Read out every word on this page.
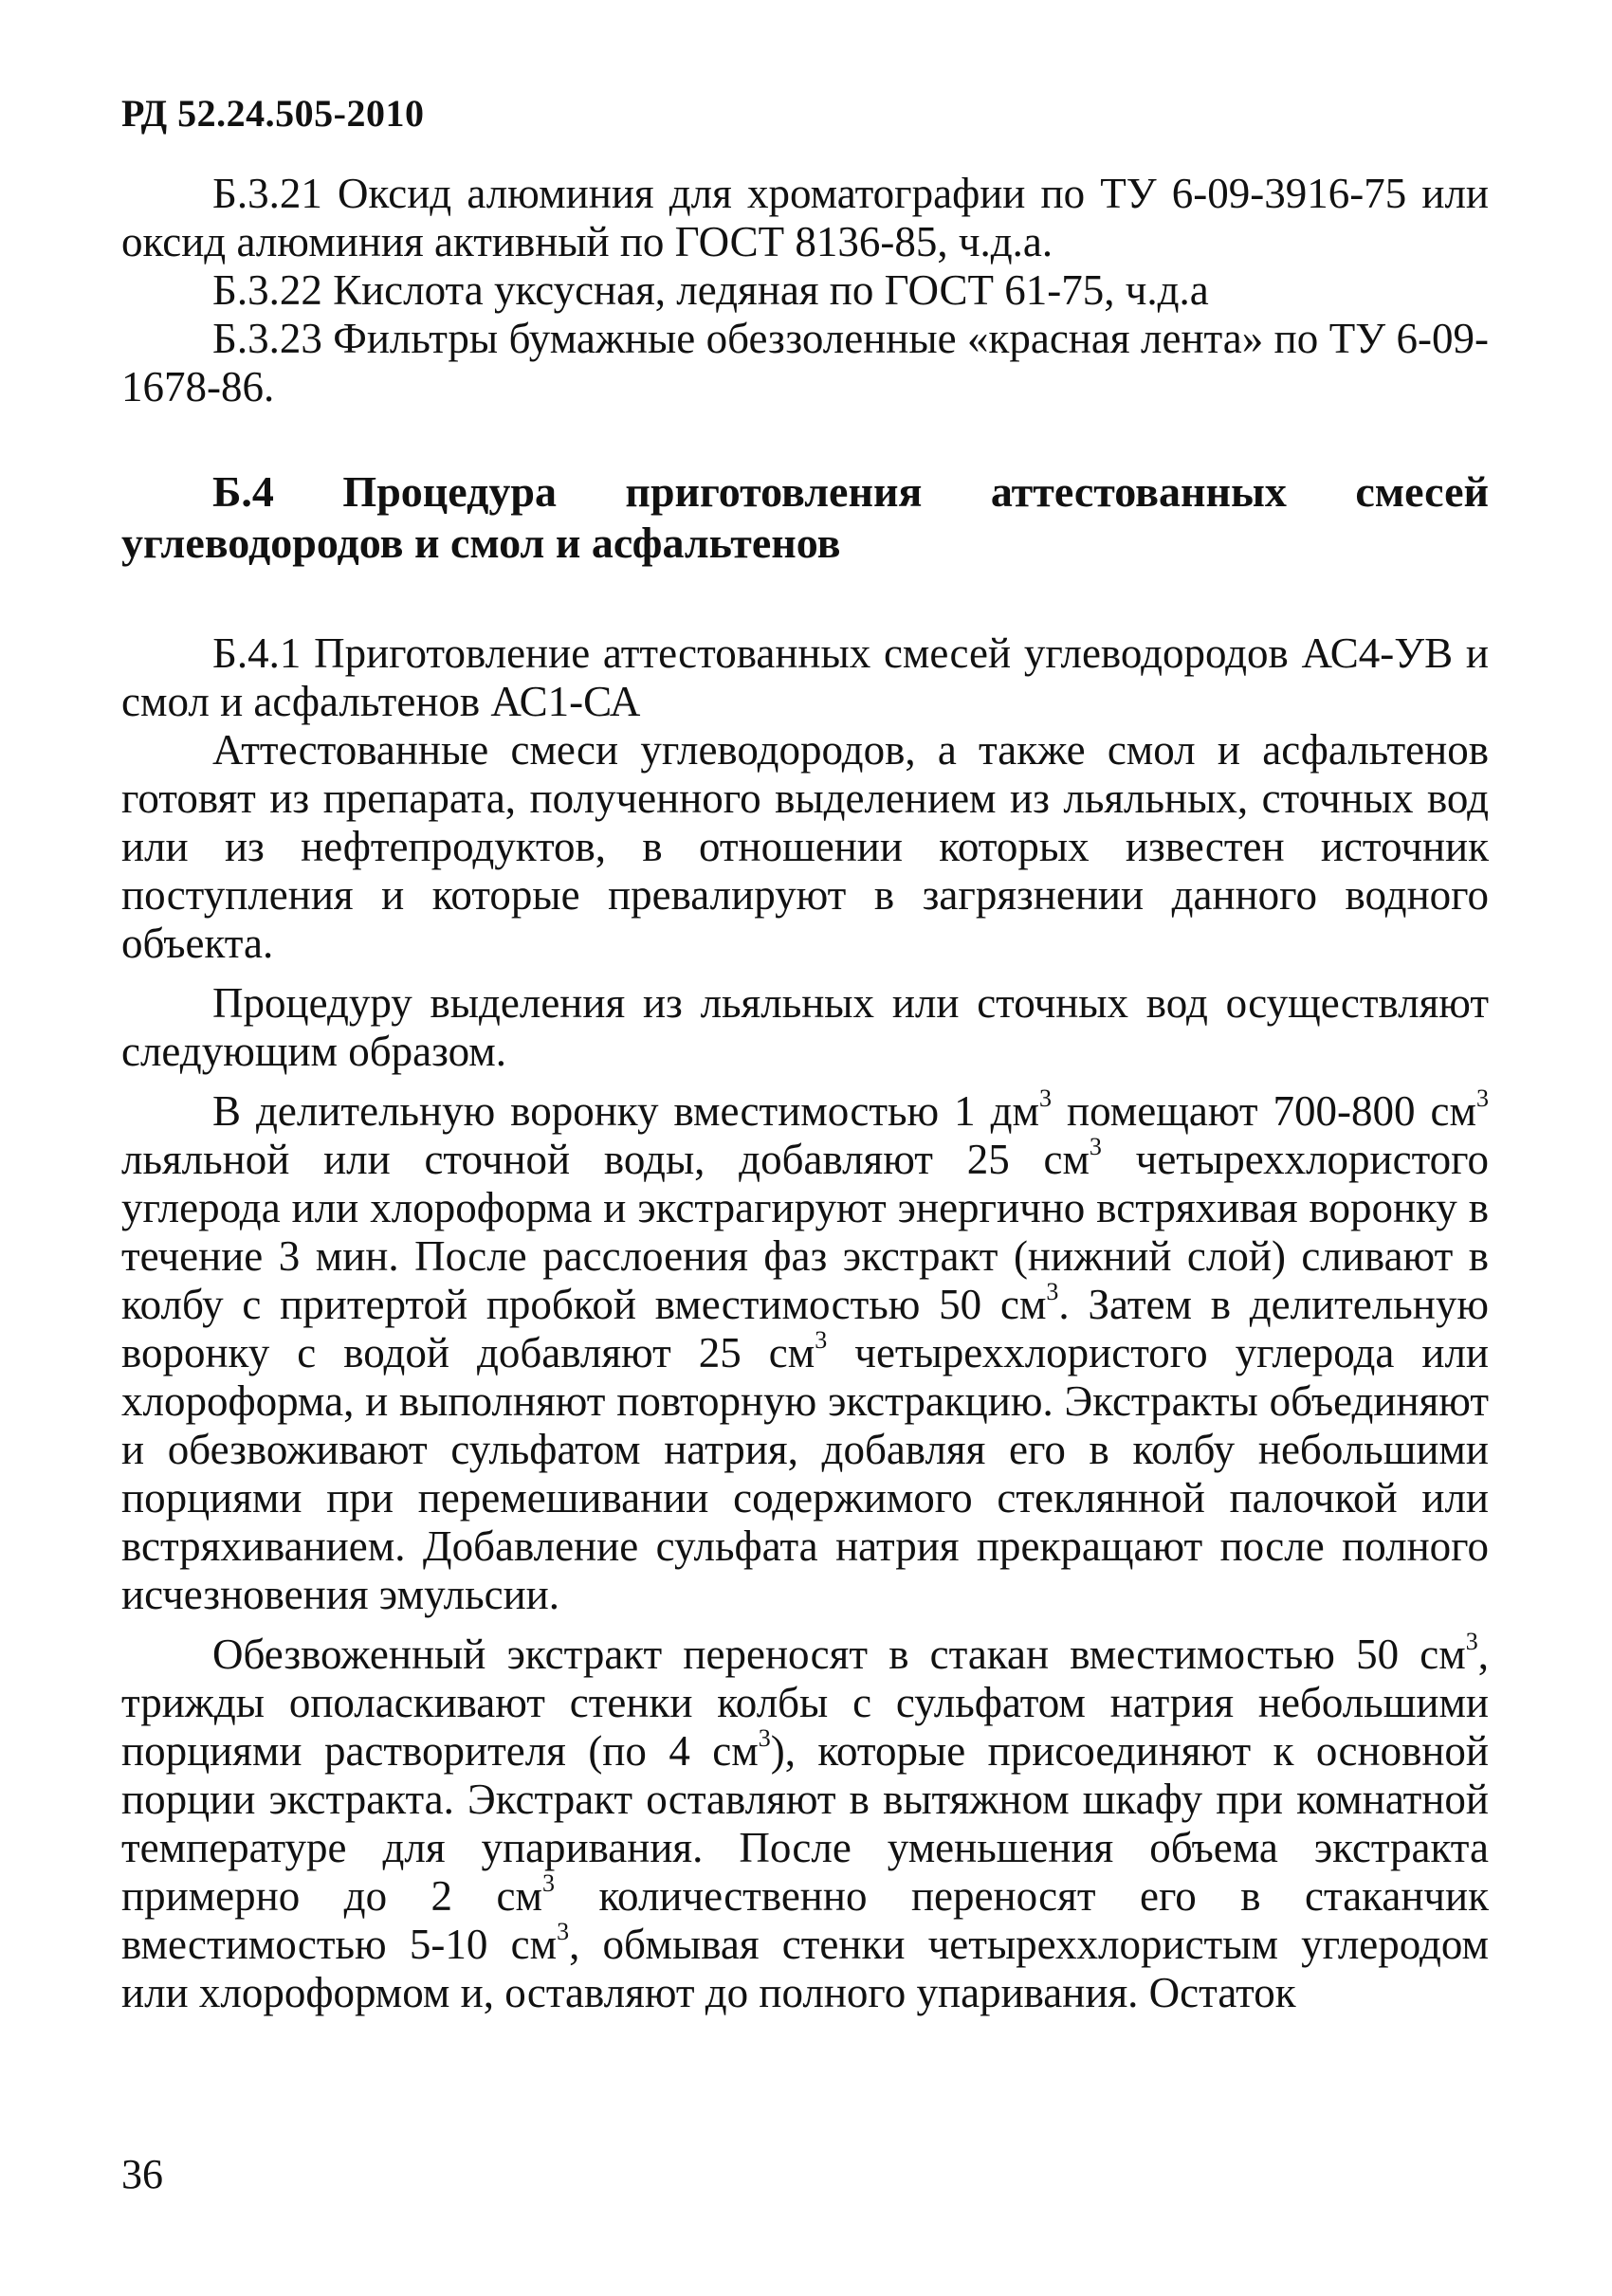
РД 52.24.505-2010

Б.3.21 Оксид алюминия для хроматографии по ТУ 6-09-3916-75 или оксид алюминия активный по ГОСТ 8136-85, ч.д.а.

Б.3.22 Кислота уксусная, ледяная по ГОСТ 61-75, ч.д.а

Б.3.23 Фильтры бумажные обеззоленные «красная лента» по ТУ 6-09-1678-86.

Б.4 Процедура приготовления аттестованных смесей углеводородов и смол и асфальтенов

Б.4.1 Приготовление аттестованных смесей углеводородов АС4-УВ и смол и асфальтенов АС1-СА

Аттестованные смеси углеводородов, а также смол и асфальтенов готовят из препарата, полученного выделением из льяльных, сточных вод или из нефтепродуктов, в отношении которых известен источник поступления и которые превалируют в загрязнении данного водного объекта.

Процедуру выделения из льяльных или сточных вод осуществляют следующим образом.

В делительную воронку вместимостью 1 $дм^3$ помещают 700-800 $см^3$ льяльной или сточной воды, добавляют 25 $см^3$ четыреххлористого углерода или хлороформа и экстрагируют энергично встряхивая воронку в течение 3 мин. После расслоения фаз экстракт (нижний слой) сливают в колбу с притертой пробкой вместимостью 50 $см^3$. Затем в делительную воронку с водой добавляют 25 $см^3$ четыреххлористого углерода или хлороформа, и выполняют повторную экстракцию. Экстракты объединяют и обезвоживают сульфатом натрия, добавляя его в колбу небольшими порциями при перемешивании содержимого стеклянной палочкой или встряхиванием. Добавление сульфата натрия прекращают после полного исчезновения эмульсии.

Обезвоженный экстракт переносят в стакан вместимостью 50 $см^3$, трижды ополаскивают стенки колбы с сульфатом натрия небольшими порциями растворителя (по 4 $см^3$), которые присоединяют к основной порции экстракта. Экстракт оставляют в вытяжном шкафу при комнатной температуре для упаривания. После уменьшения объема экстракта примерно до 2 $см^3$ количественно переносят его в стаканчик вместимостью 5-10 $см^3$, обмывая стенки четыреххлористым углеродом или хлороформом и, оставляют до полного упаривания. Остаток

36
